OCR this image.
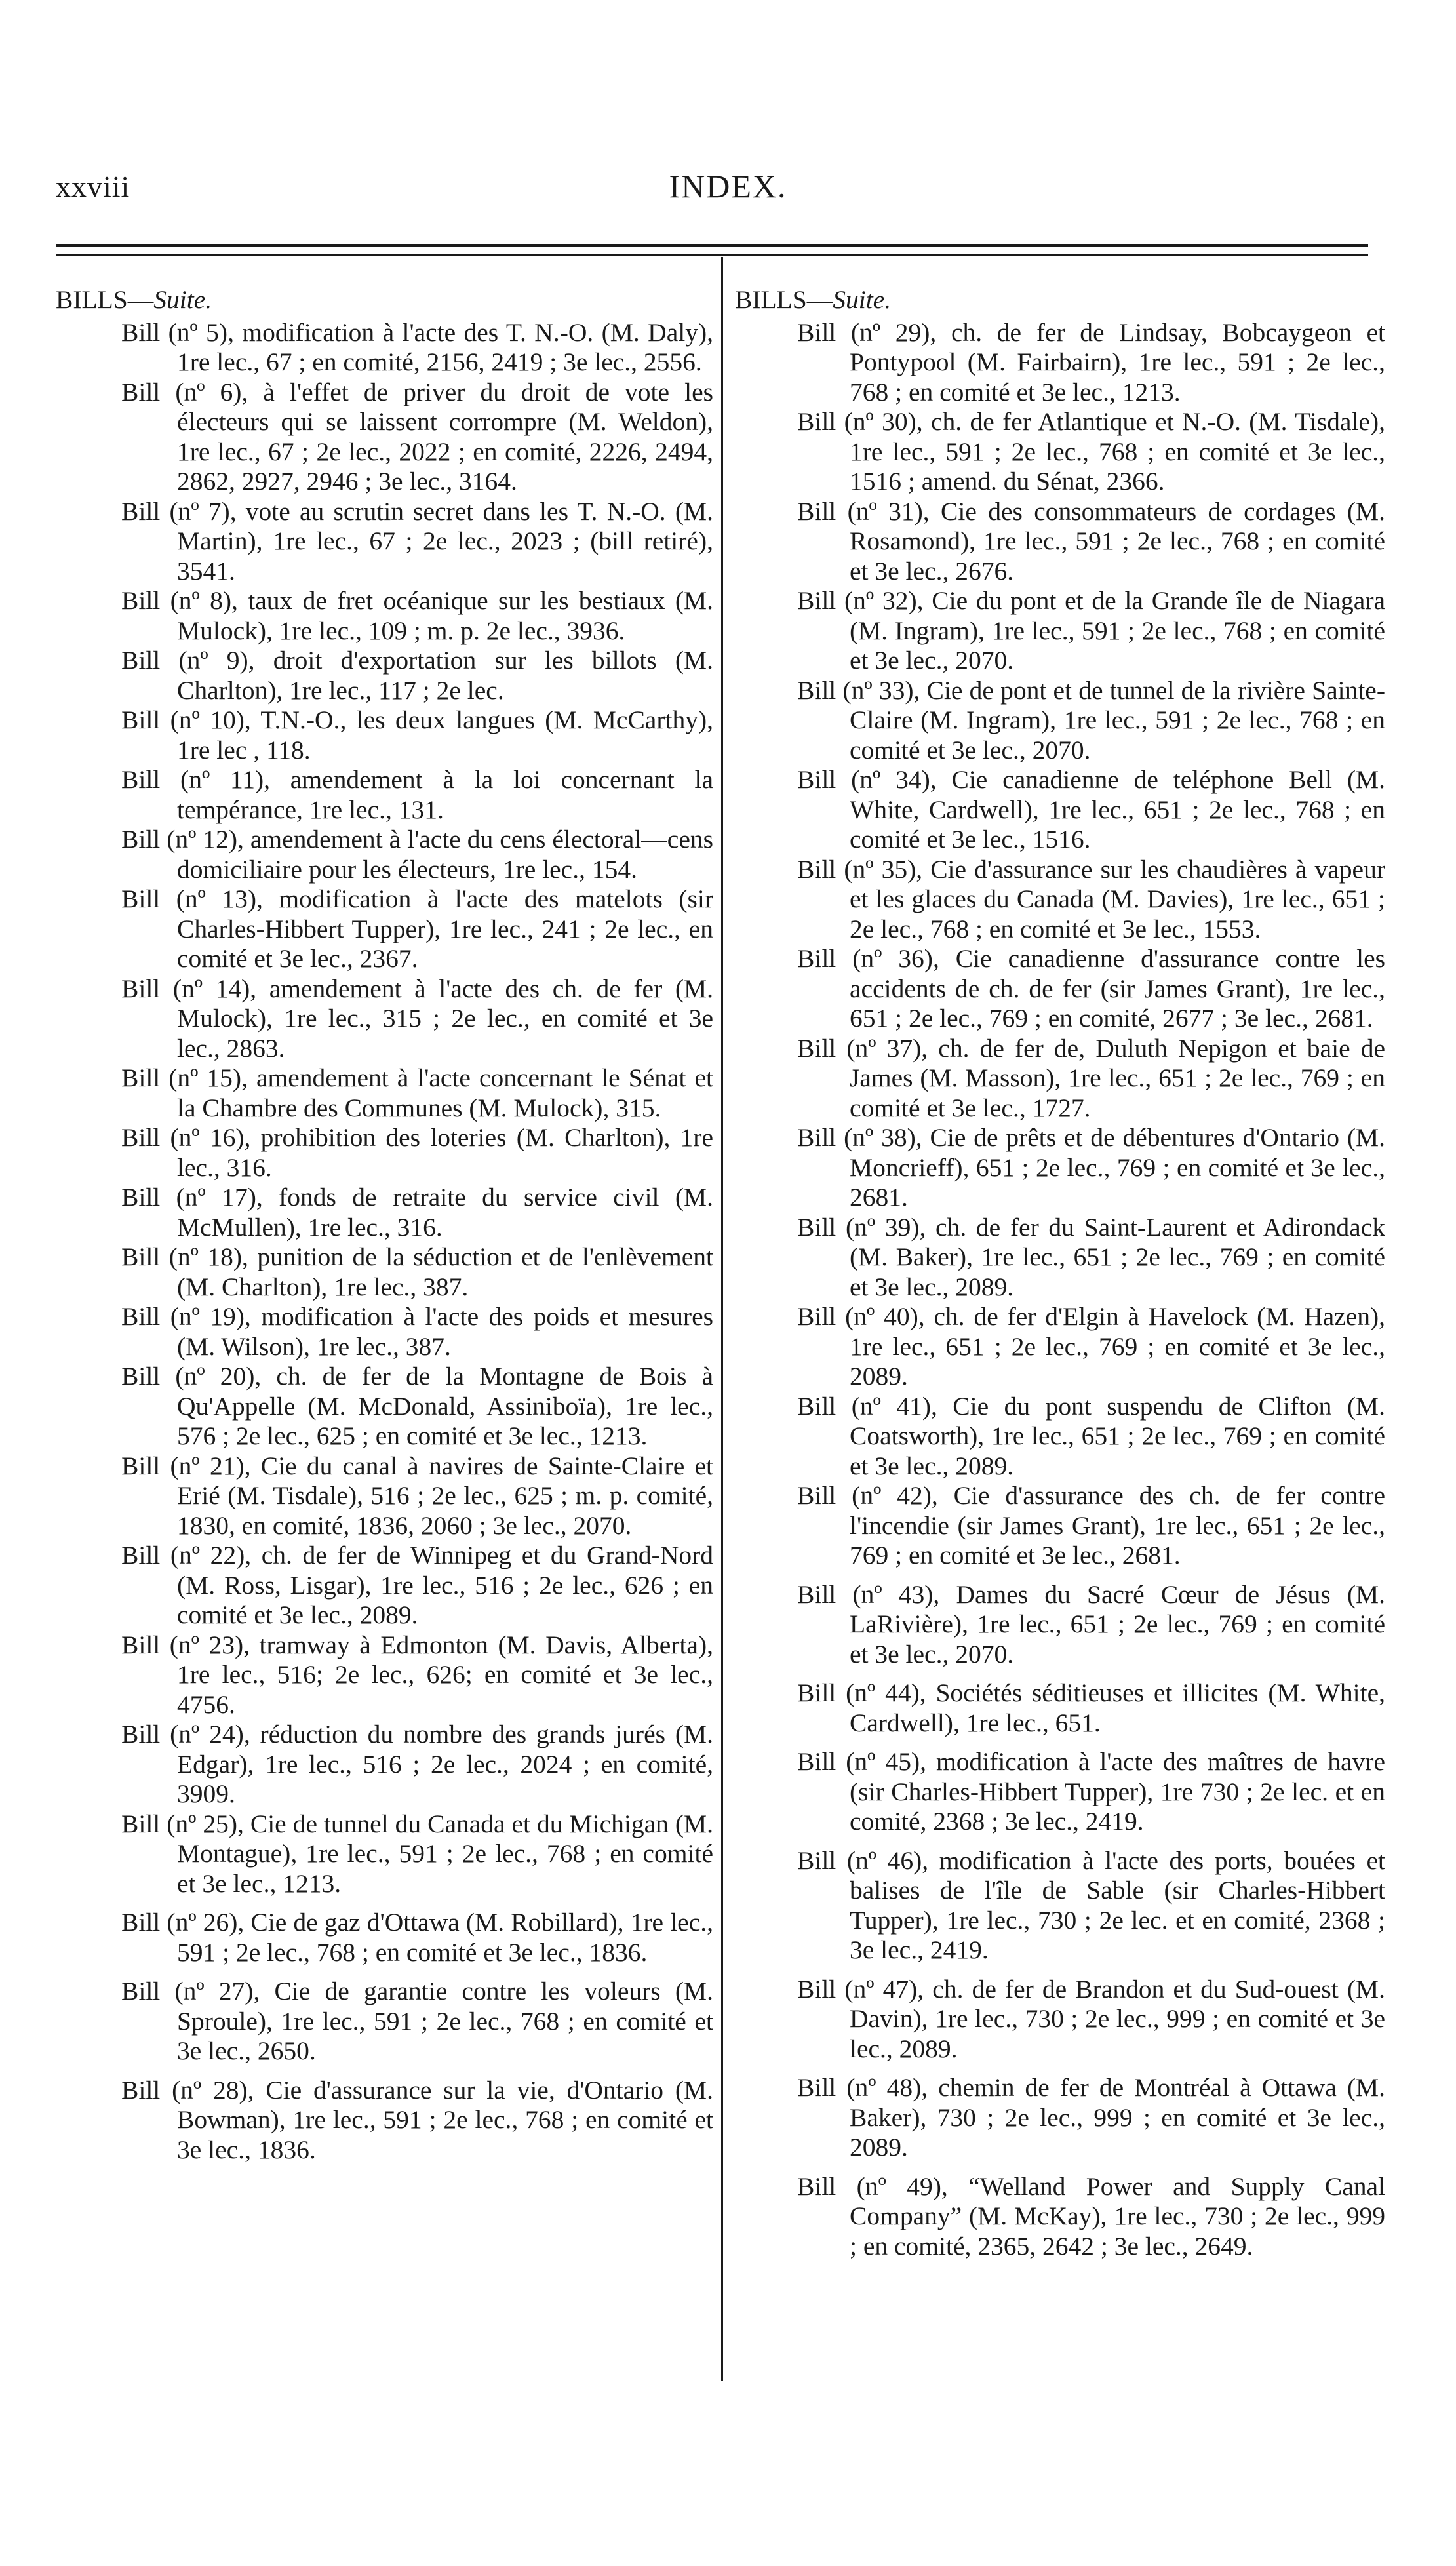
xxviii	INDEX.
BILLS—Suite.

Bill (nº 5), modification à l'acte des T. N.-O. (M. Daly), 1re lec., 67 ; en comité, 2156, 2419 ; 3e lec., 2556.

Bill (nº 6), à l'effet de priver du droit de vote les électeurs qui se laissent corrompre (M. Weldon), 1re lec., 67 ; 2e lec., 2022 ; en comité, 2226, 2494, 2862, 2927, 2946 ; 3e lec., 3164.

Bill (nº 7), vote au scrutin secret dans les T. N.-O. (M. Martin), 1re lec., 67 ; 2e lec., 2023 ; (bill retiré), 3541.

Bill (nº 8), taux de fret océanique sur les bestiaux (M. Mulock), 1re lec., 109 ; m. p. 2e lec., 3936.

Bill (nº 9), droit d'exportation sur les billots (M. Charlton), 1re lec., 117 ; 2e lec.

Bill (nº 10), T.N.-O., les deux langues (M. McCarthy), 1re lec , 118.

Bill (nº 11), amendement à la loi concernant la tempérance, 1re lec., 131.

Bill (nº 12), amendement à l'acte du cens électoral—cens domiciliaire pour les électeurs, 1re lec., 154.

Bill (nº 13), modification à l'acte des matelots (sir Charles-Hibbert Tupper), 1re lec., 241 ; 2e lec., en comité et 3e lec., 2367.

Bill (nº 14), amendement à l'acte des ch. de fer (M. Mulock), 1re lec., 315 ; 2e lec., en comité et 3e lec., 2863.

Bill (nº 15), amendement à l'acte concernant le Sénat et la Chambre des Communes (M. Mulock), 315.

Bill (nº 16), prohibition des loteries (M. Charlton), 1re lec., 316.

Bill (nº 17), fonds de retraite du service civil (M. McMullen), 1re lec., 316.

Bill (nº 18), punition de la séduction et de l'enlèvement (M. Charlton), 1re lec., 387.

Bill (nº 19), modification à l'acte des poids et mesures (M. Wilson), 1re lec., 387.

Bill (nº 20), ch. de fer de la Montagne de Bois à Qu'Appelle (M. McDonald, Assiniboïa), 1re lec., 576 ; 2e lec., 625 ; en comité et 3e lec., 1213.

Bill (nº 21), Cie du canal à navires de Sainte-Claire et Erié (M. Tisdale), 516 ; 2e lec., 625 ; m. p. comité, 1830, en comité, 1836, 2060 ; 3e lec., 2070.

Bill (nº 22), ch. de fer de Winnipeg et du Grand-Nord (M. Ross, Lisgar), 1re lec., 516 ; 2e lec., 626 ; en comité et 3e lec., 2089.

Bill (nº 23), tramway à Edmonton (M. Davis, Alberta), 1re lec., 516; 2e lec., 626; en comité et 3e lec., 4756.

Bill (nº 24), réduction du nombre des grands jurés (M. Edgar), 1re lec., 516 ; 2e lec., 2024 ; en comité, 3909.

Bill (nº 25), Cie de tunnel du Canada et du Michigan (M. Montague), 1re lec., 591 ; 2e lec., 768 ; en comité et 3e lec., 1213.

Bill (nº 26), Cie de gaz d'Ottawa (M. Robillard), 1re lec., 591 ; 2e lec., 768 ; en comité et 3e lec., 1836.

Bill (nº 27), Cie de garantie contre les voleurs (M. Sproule), 1re lec., 591 ; 2e lec., 768 ; en comité et 3e lec., 2650.

Bill (nº 28), Cie d'assurance sur la vie, d'Ontario (M. Bowman), 1re lec., 591 ; 2e lec., 768 ; en comité et 3e lec., 1836.

BILLS—Suite.

Bill (nº 29), ch. de fer de Lindsay, Bobcaygeon et Pontypool (M. Fairbairn), 1re lec., 591 ; 2e lec., 768 ; en comité et 3e lec., 1213.

Bill (nº 30), ch. de fer Atlantique et N.-O. (M. Tisdale), 1re lec., 591 ; 2e lec., 768 ; en comité et 3e lec., 1516 ; amend. du Sénat, 2366.

Bill (nº 31), Cie des consommateurs de cordages (M. Rosamond), 1re lec., 591 ; 2e lec., 768 ; en comité et 3e lec., 2676.

Bill (nº 32), Cie du pont et de la Grande île de Niagara (M. Ingram), 1re lec., 591 ; 2e lec., 768 ; en comité et 3e lec., 2070.

Bill (nº 33), Cie de pont et de tunnel de la rivière Sainte-Claire (M. Ingram), 1re lec., 591 ; 2e lec., 768 ; en comité et 3e lec., 2070.

Bill (nº 34), Cie canadienne de teléphone Bell (M. White, Cardwell), 1re lec., 651 ; 2e lec., 768 ; en comité et 3e lec., 1516.

Bill (nº 35), Cie d'assurance sur les chaudières à vapeur et les glaces du Canada (M. Davies), 1re lec., 651 ; 2e lec., 768 ; en comité et 3e lec., 1553.

Bill (nº 36), Cie canadienne d'assurance contre les accidents de ch. de fer (sir James Grant), 1re lec., 651 ; 2e lec., 769 ; en comité, 2677 ; 3e lec., 2681.

Bill (nº 37), ch. de fer de, Duluth Nepigon et baie de James (M. Masson), 1re lec., 651 ; 2e lec., 769 ; en comité et 3e lec., 1727.

Bill (nº 38), Cie de prêts et de débentures d'Ontario (M. Moncrieff), 651 ; 2e lec., 769 ; en comité et 3e lec., 2681.

Bill (nº 39), ch. de fer du Saint-Laurent et Adirondack (M. Baker), 1re lec., 651 ; 2e lec., 769 ; en comité et 3e lec., 2089.

Bill (nº 40), ch. de fer d'Elgin à Havelock (M. Hazen), 1re lec., 651 ; 2e lec., 769 ; en comité et 3e lec., 2089.

Bill (nº 41), Cie du pont suspendu de Clifton (M. Coatsworth), 1re lec., 651 ; 2e lec., 769 ; en comité et 3e lec., 2089.

Bill (nº 42), Cie d'assurance des ch. de fer contre l'incendie (sir James Grant), 1re lec., 651 ; 2e lec., 769 ; en comité et 3e lec., 2681.

Bill (nº 43), Dames du Sacré Cœur de Jésus (M. LaRivière), 1re lec., 651 ; 2e lec., 769 ; en comité et 3e lec., 2070.

Bill (nº 44), Sociétés séditieuses et illicites (M. White, Cardwell), 1re lec., 651.

Bill (nº 45), modification à l'acte des maîtres de havre (sir Charles-Hibbert Tupper), 1re 730 ; 2e lec. et en comité, 2368 ; 3e lec., 2419.

Bill (nº 46), modification à l'acte des ports, bouées et balises de l'île de Sable (sir Charles-Hibbert Tupper), 1re lec., 730 ; 2e lec. et en comité, 2368 ; 3e lec., 2419.

Bill (nº 47), ch. de fer de Brandon et du Sud-ouest (M. Davin), 1re lec., 730 ; 2e lec., 999 ; en comité et 3e lec., 2089.

Bill (nº 48), chemin de fer de Montréal à Ottawa (M. Baker), 730 ; 2e lec., 999 ; en comité et 3e lec., 2089.

Bill (nº 49), “Welland Power and Supply Canal Company” (M. McKay), 1re lec., 730 ; 2e lec., 999 ; en comité, 2365, 2642 ; 3e lec., 2649.
